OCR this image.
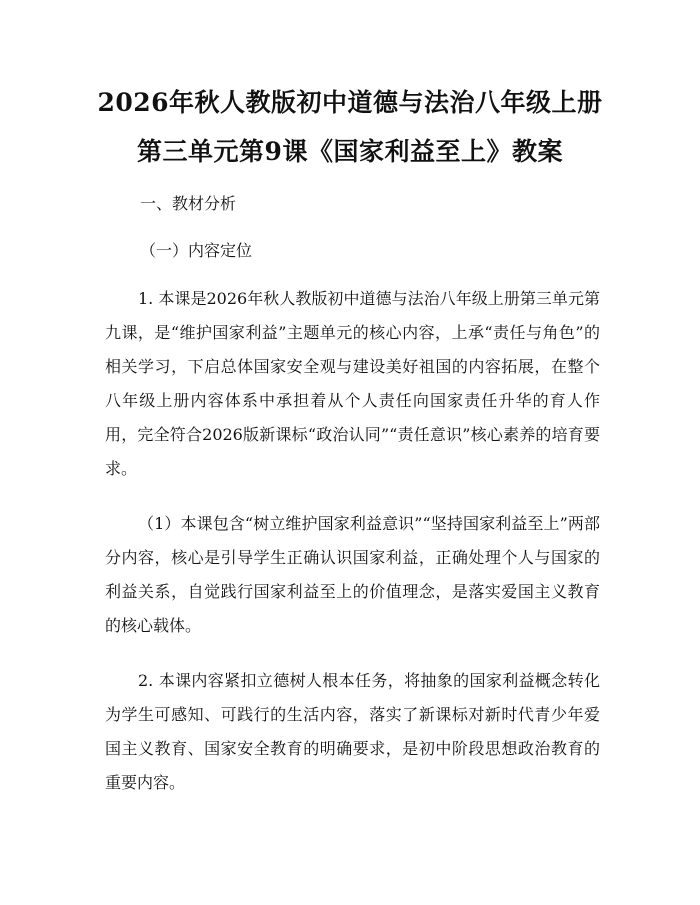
2026年秋人教版初中道德与法治八年级上册
第三单元第9课《国家利益至上》教案
一、教材分析
（一）内容定位

1. 本课是2026年秋人教版初中道德与法治八年级上册第三单元第九课，是“维护国家利益”主题单元的核心内容，上承“责任与角色”的相关学习，下启总体国家安全观与建设美好祖国的内容拓展，在整个八年级上册内容体系中承担着从个人责任向国家责任升华的育人作用，完全符合2026版新课标“政治认同”“责任意识”核心素养的培育要求。

（1）本课包含“树立维护国家利益意识”“坚持国家利益至上”两部分内容，核心是引导学生正确认识国家利益，正确处理个人与国家的利益关系，自觉践行国家利益至上的价值理念，是落实爱国主义教育的核心载体。

2. 本课内容紧扣立德树人根本任务，将抽象的国家利益概念转化为学生可感知、可践行的生活内容，落实了新课标对新时代青少年爱国主义教育、国家安全教育的明确要求，是初中阶段思想政治教育的重要内容。
